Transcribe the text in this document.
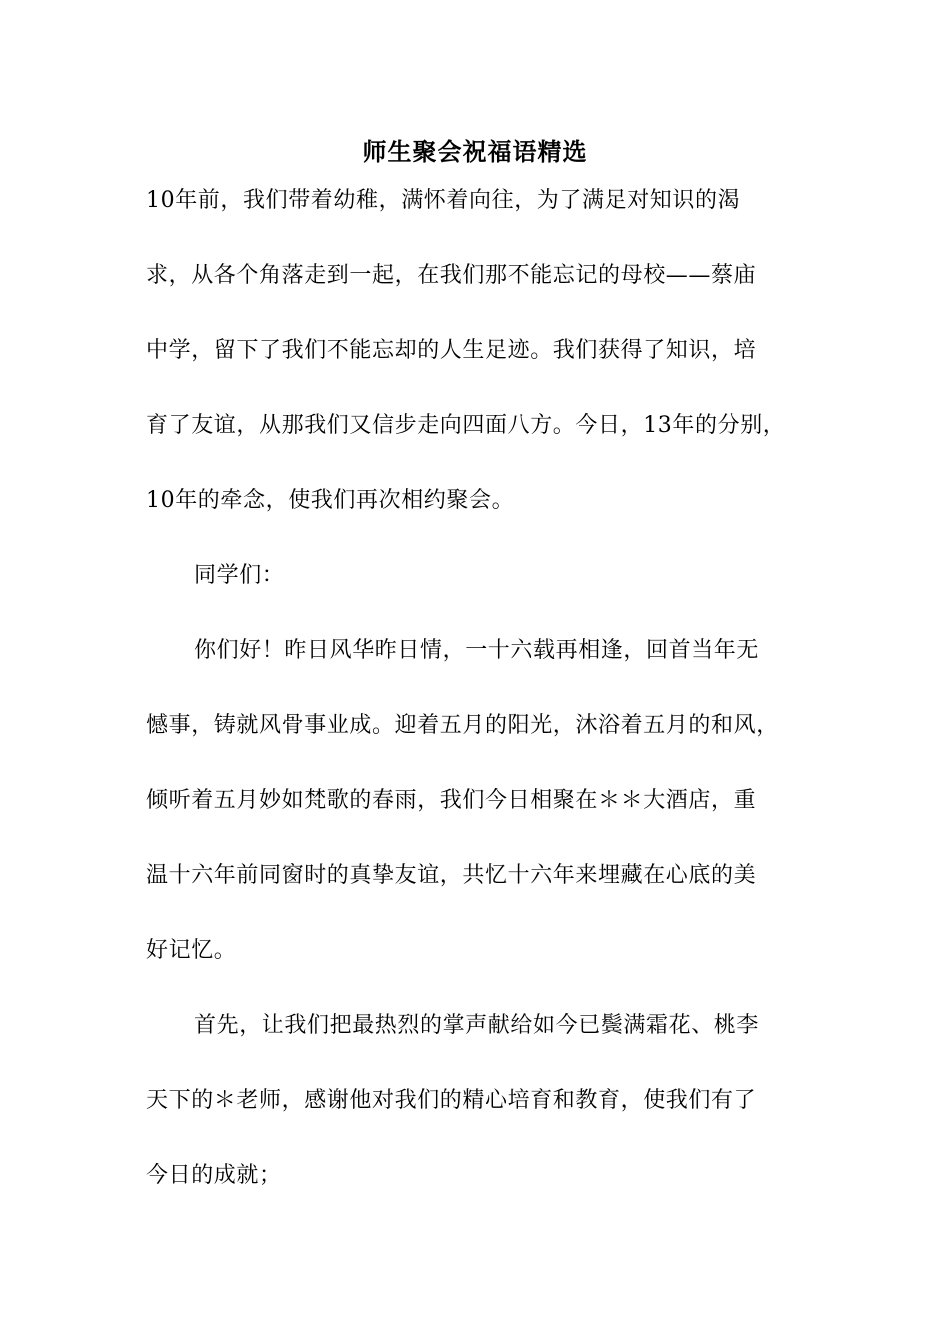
师生聚会祝福语精选
10年前，我们带着幼稚，满怀着向往，为了满足对知识的渴
求，从各个角落走到一起，在我们那不能忘记的母校——蔡庙
中学，留下了我们不能忘却的人生足迹。我们获得了知识，培
育了友谊，从那我们又信步走向四面八方。今日，13年的分别，
10年的牵念，使我们再次相约聚会。
同学们：
你们好！昨日风华昨日情，一十六载再相逢，回首当年无
憾事，铸就风骨事业成。迎着五月的阳光，沐浴着五月的和风，
倾听着五月妙如梵歌的春雨，我们今日相聚在＊＊大酒店，重
温十六年前同窗时的真挚友谊，共忆十六年来埋藏在心底的美
好记忆。
首先，让我们把最热烈的掌声献给如今已鬓满霜花、桃李
天下的＊老师，感谢他对我们的精心培育和教育，使我们有了
今日的成就；
